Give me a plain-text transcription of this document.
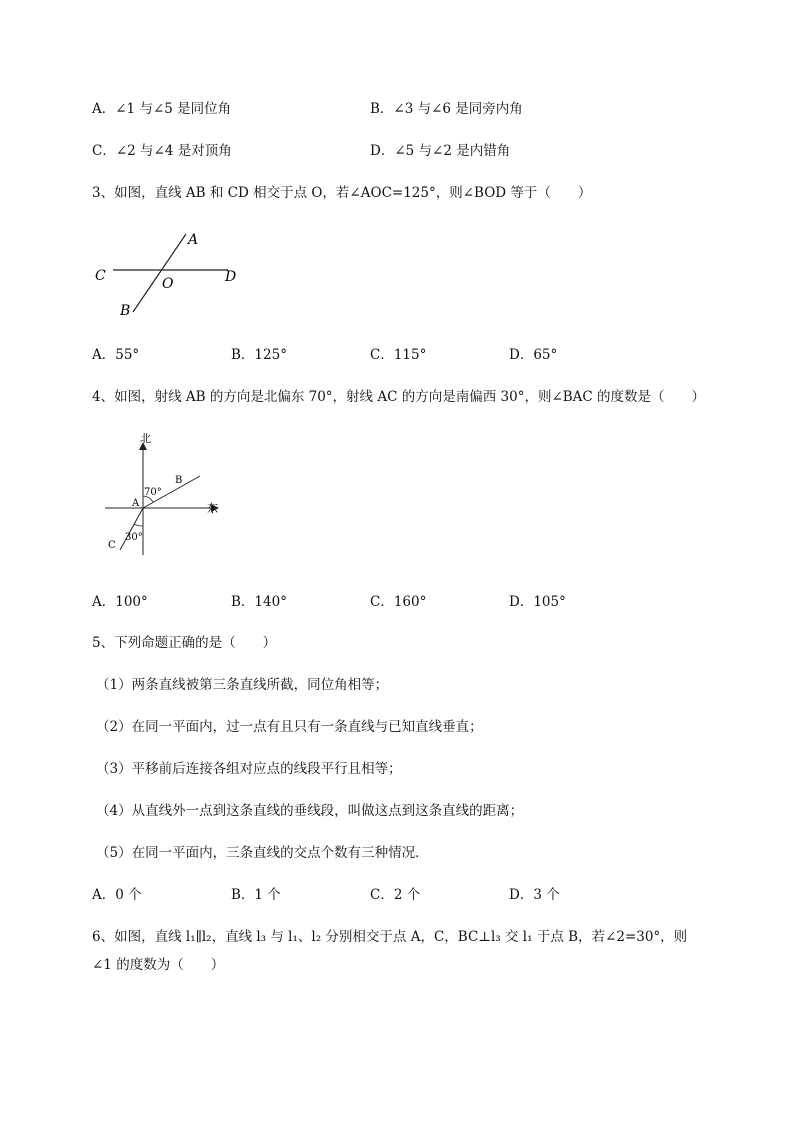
A．∠1 与∠5 是同位角	B．∠3 与∠6 是同旁内角
C．∠2 与∠4 是对顶角	D．∠5 与∠2 是内错角
3、如图，直线 AB 和 CD 相交于点 O，若∠AOC=125°，则∠BOD 等于（　　）
A
C	O	D
B
A．55°	B．125°	C．115°	D．65°
4、如图，射线 AB 的方向是北偏东 70°，射线 AC 的方向是南偏西 30°，则∠BAC 的度数是（　　）
北
东
A
B
C
70°
30°
A．100°	B．140°	C．160°	D．105°
5、下列命题正确的是（　　）
（1）两条直线被第三条直线所截，同位角相等；
（2）在同一平面内，过一点有且只有一条直线与已知直线垂直；
（3）平移前后连接各组对应点的线段平行且相等；
（4）从直线外一点到这条直线的垂线段，叫做这点到这条直线的距离；
（5）在同一平面内，三条直线的交点个数有三种情况．
A．0 个	B．1 个	C．2 个	D．3 个
6、如图，直线 l₁∥l₂，直线 l₃ 与 l₁、l₂ 分别相交于点 A，C，BC⊥l₃ 交 l₁ 于点 B，若∠2=30°，则
∠1 的度数为（　　）
